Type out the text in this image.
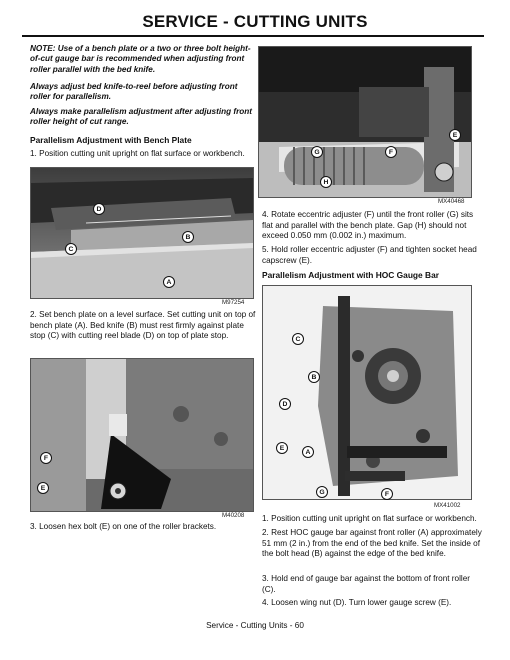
SERVICE - CUTTING UNITS

NOTE: Use of a bench plate or a two or three bolt height-of-cut gauge bar is recommended when adjusting front roller parallel with the bed knife.

Always adjust bed knife-to-reel before adjusting front roller for parallelism.

Always make parallelism adjustment after adjusting front roller height of cut range.

Parallelism Adjustment with Bench Plate

1. Position cutting unit upright on flat surface or workbench.

D
B
C
A
M97254

2. Set bench plate on a level surface. Set cutting unit on top of bench plate (A). Bed knife (B) must rest firmly against plate stop (C) with cutting reel blade (D) on top of plate stop.

F
E
M40208

3. Loosen hex bolt (E) on one of the roller brackets.

E
G	F
H
MX40468

4. Rotate eccentric adjuster (F) until the front roller (G) sits flat and parallel with the bench plate. Gap (H) should not exceed 0.050 mm (0.002 in.) maximum.

5. Hold roller eccentric adjuster (F) and tighten socket head capscrew (E).

Parallelism Adjustment with HOC Gauge Bar

C
B
D
E
A
G	F
MX41002

1. Position cutting unit upright on flat surface or workbench.

2. Rest HOC gauge bar against front roller (A) approximately 51 mm (2 in.) from the end of the bed knife. Set the inside of the bolt head (B) against the edge of the bed knife.

3. Hold end of gauge bar against the bottom of front roller (C).

4. Loosen wing nut (D). Turn lower gauge screw (E).

Service - Cutting Units - 60
